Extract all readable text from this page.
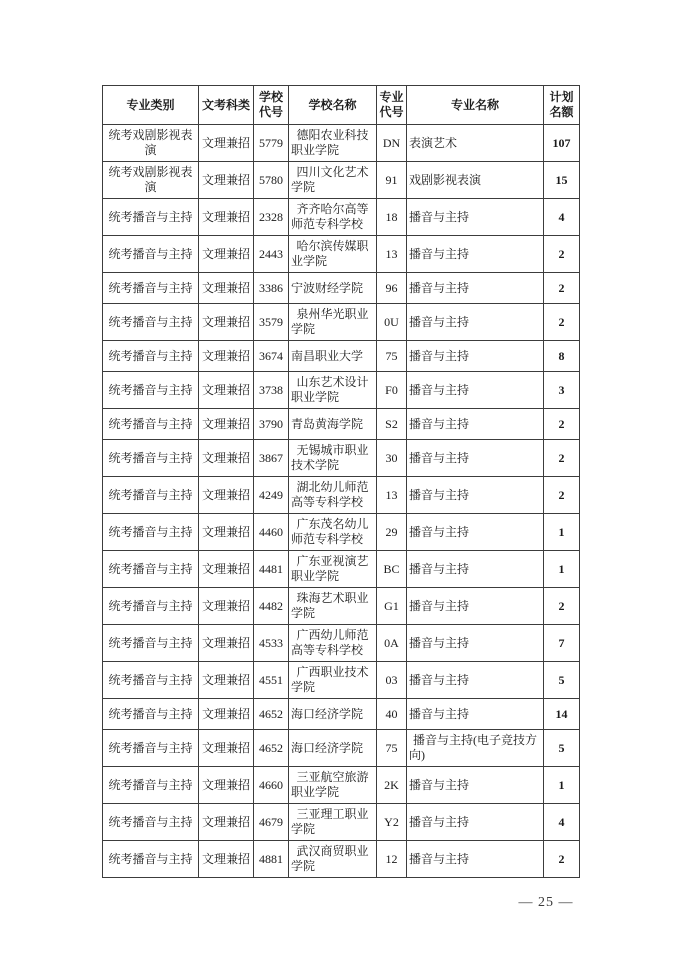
专业类别	文考科类	学校代号	学校名称	专业代号	专业名称	计划名额
统考戏剧影视表演	文理兼招	5779	德阳农业科技职业学院	DN	表演艺术	107
统考戏剧影视表演	文理兼招	5780	四川文化艺术学院	91	戏剧影视表演	15
统考播音与主持	文理兼招	2328	齐齐哈尔高等师范专科学校	18	播音与主持	4
统考播音与主持	文理兼招	2443	哈尔滨传媒职业学院	13	播音与主持	2
统考播音与主持	文理兼招	3386	宁波财经学院	96	播音与主持	2
统考播音与主持	文理兼招	3579	泉州华光职业学院	0U	播音与主持	2
统考播音与主持	文理兼招	3674	南昌职业大学	75	播音与主持	8
统考播音与主持	文理兼招	3738	山东艺术设计职业学院	F0	播音与主持	3
统考播音与主持	文理兼招	3790	青岛黄海学院	S2	播音与主持	2
统考播音与主持	文理兼招	3867	无锡城市职业技术学院	30	播音与主持	2
统考播音与主持	文理兼招	4249	湖北幼儿师范高等专科学校	13	播音与主持	2
统考播音与主持	文理兼招	4460	广东茂名幼儿师范专科学校	29	播音与主持	1
统考播音与主持	文理兼招	4481	广东亚视演艺职业学院	BC	播音与主持	1
统考播音与主持	文理兼招	4482	珠海艺术职业学院	G1	播音与主持	2
统考播音与主持	文理兼招	4533	广西幼儿师范高等专科学校	0A	播音与主持	7
统考播音与主持	文理兼招	4551	广西职业技术学院	03	播音与主持	5
统考播音与主持	文理兼招	4652	海口经济学院	40	播音与主持	14
统考播音与主持	文理兼招	4652	海口经济学院	75	播音与主持(电子竞技方向)	5
统考播音与主持	文理兼招	4660	三亚航空旅游职业学院	2K	播音与主持	1
统考播音与主持	文理兼招	4679	三亚理工职业学院	Y2	播音与主持	4
统考播音与主持	文理兼招	4881	武汉商贸职业学院	12	播音与主持	2
— 25 —
